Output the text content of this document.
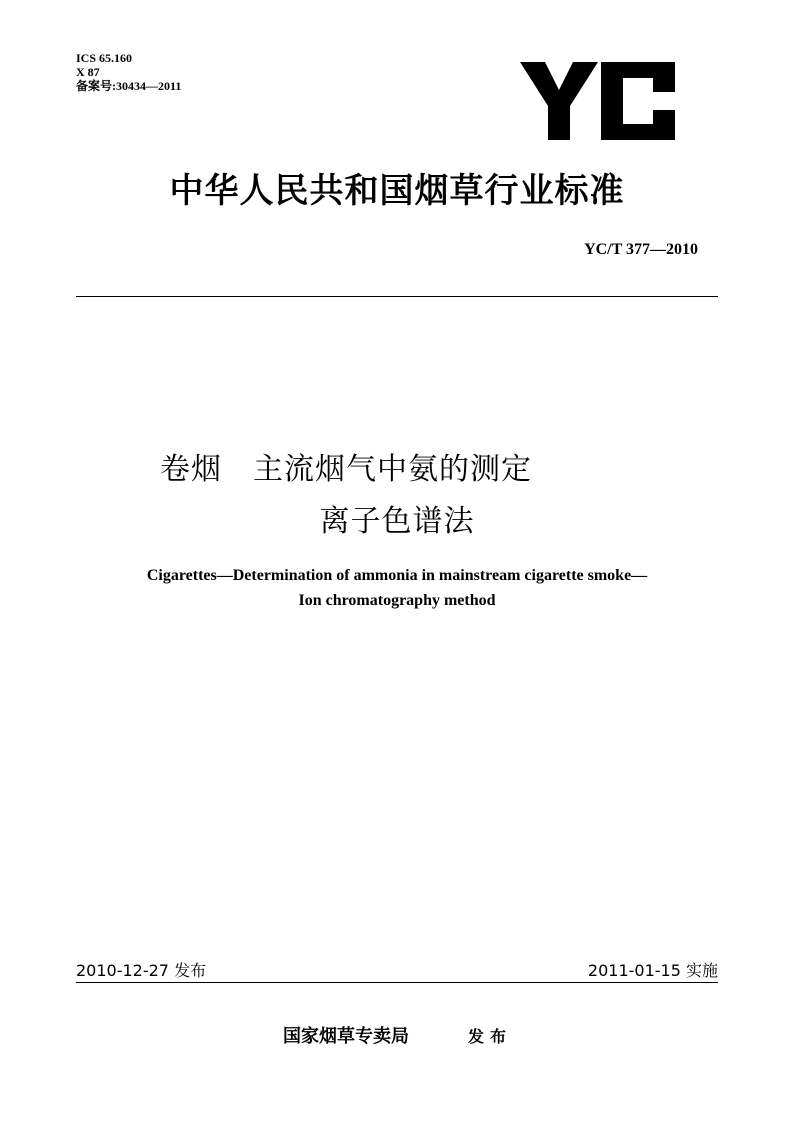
ICS 65.160
X 87
备案号:30434—2011
中华人民共和国烟草行业标准
YC/T 377—2010
卷烟　主流烟气中氨的测定
离子色谱法
Cigarettes—Determination of ammonia in mainstream cigarette smoke—
Ion chromatography method
2010-12-27 发布	2011-01-15 实施
国家烟草专卖局	发布
